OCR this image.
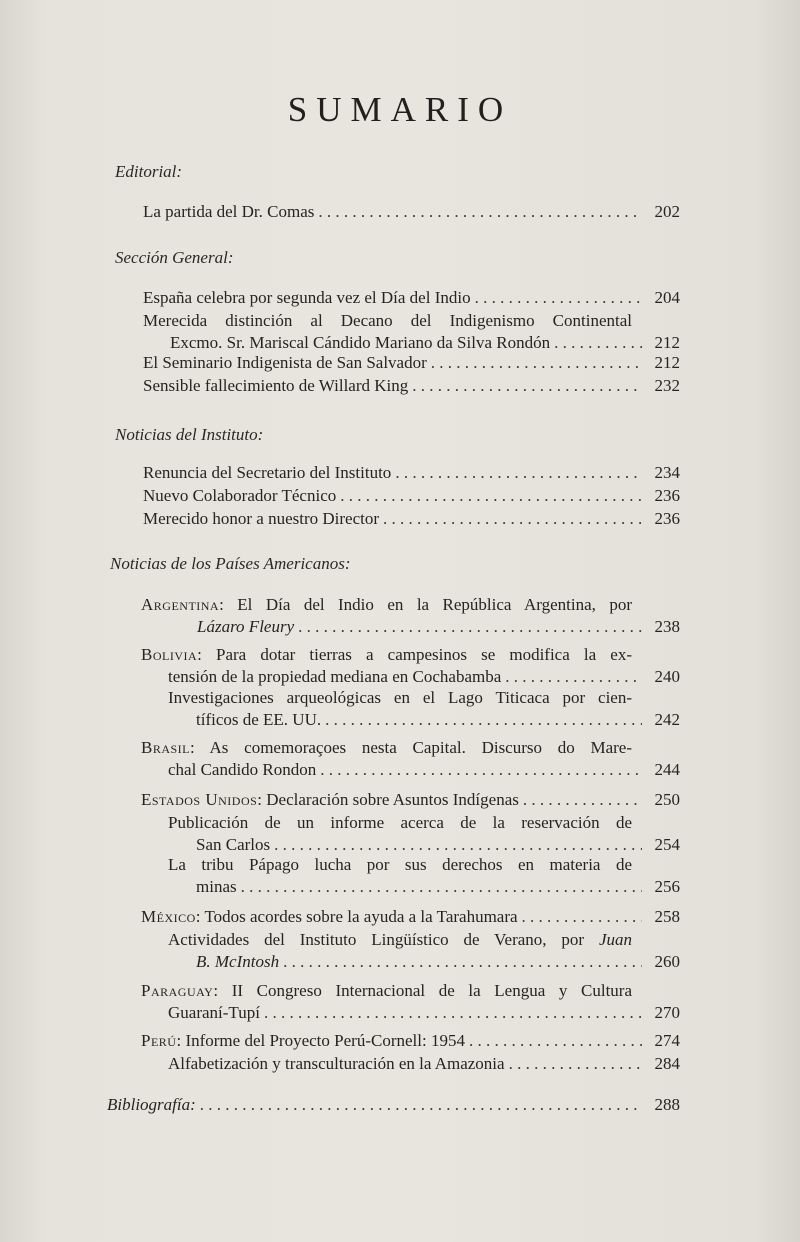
SUMARIO
Editorial:
La partida del Dr. Comas . . .	202
Sección General:
España celebra por segunda vez el Día del Indio . . .	204
Merecida distinción al Decano del Indigenismo Continental
Excmo. Sr. Mariscal Cándido Mariano da Silva Rondón . . .	212
El Seminario Indigenista de San Salvador . . .	212
Sensible fallecimiento de Willard King . . .	232
Noticias del Instituto:
Renuncia del Secretario del Instituto . . .	234
Nuevo Colaborador Técnico . . .	236
Merecido honor a nuestro Director . . .	236
Noticias de los Países Americanos:
Argentina: El Día del Indio en la República Argentina, por
Lázaro Fleury . . .	238
Bolivia: Para dotar tierras a campesinos se modifica la ex-
tensión de la propiedad mediana en Cochabamba . . .	240
Investigaciones arqueológicas en el Lago Titicaca por cien-
tíficos de EE. UU. . . .	242
Brasil: As comemoraçoes nesta Capital. Discurso do Mare-
chal Candido Rondon . . .	244
Estados Unidos: Declaración sobre Asuntos Indígenas . . .	250
Publicación de un informe acerca de la reservación de
San Carlos . . .	254
La tribu Pápago lucha por sus derechos en materia de
minas . . .	256
México: Todos acordes sobre la ayuda a la Tarahumara . . .	258
Actividades del Instituto Lingüístico de Verano, por Juan
B. McIntosh . . .	260
Paraguay: II Congreso Internacional de la Lengua y Cultura
Guaraní-Tupí . . .	270
Perú: Informe del Proyecto Perú-Cornell: 1954 . . .	274
Alfabetización y transculturación en la Amazonia . . .	284
Bibliografía: . . .	288
